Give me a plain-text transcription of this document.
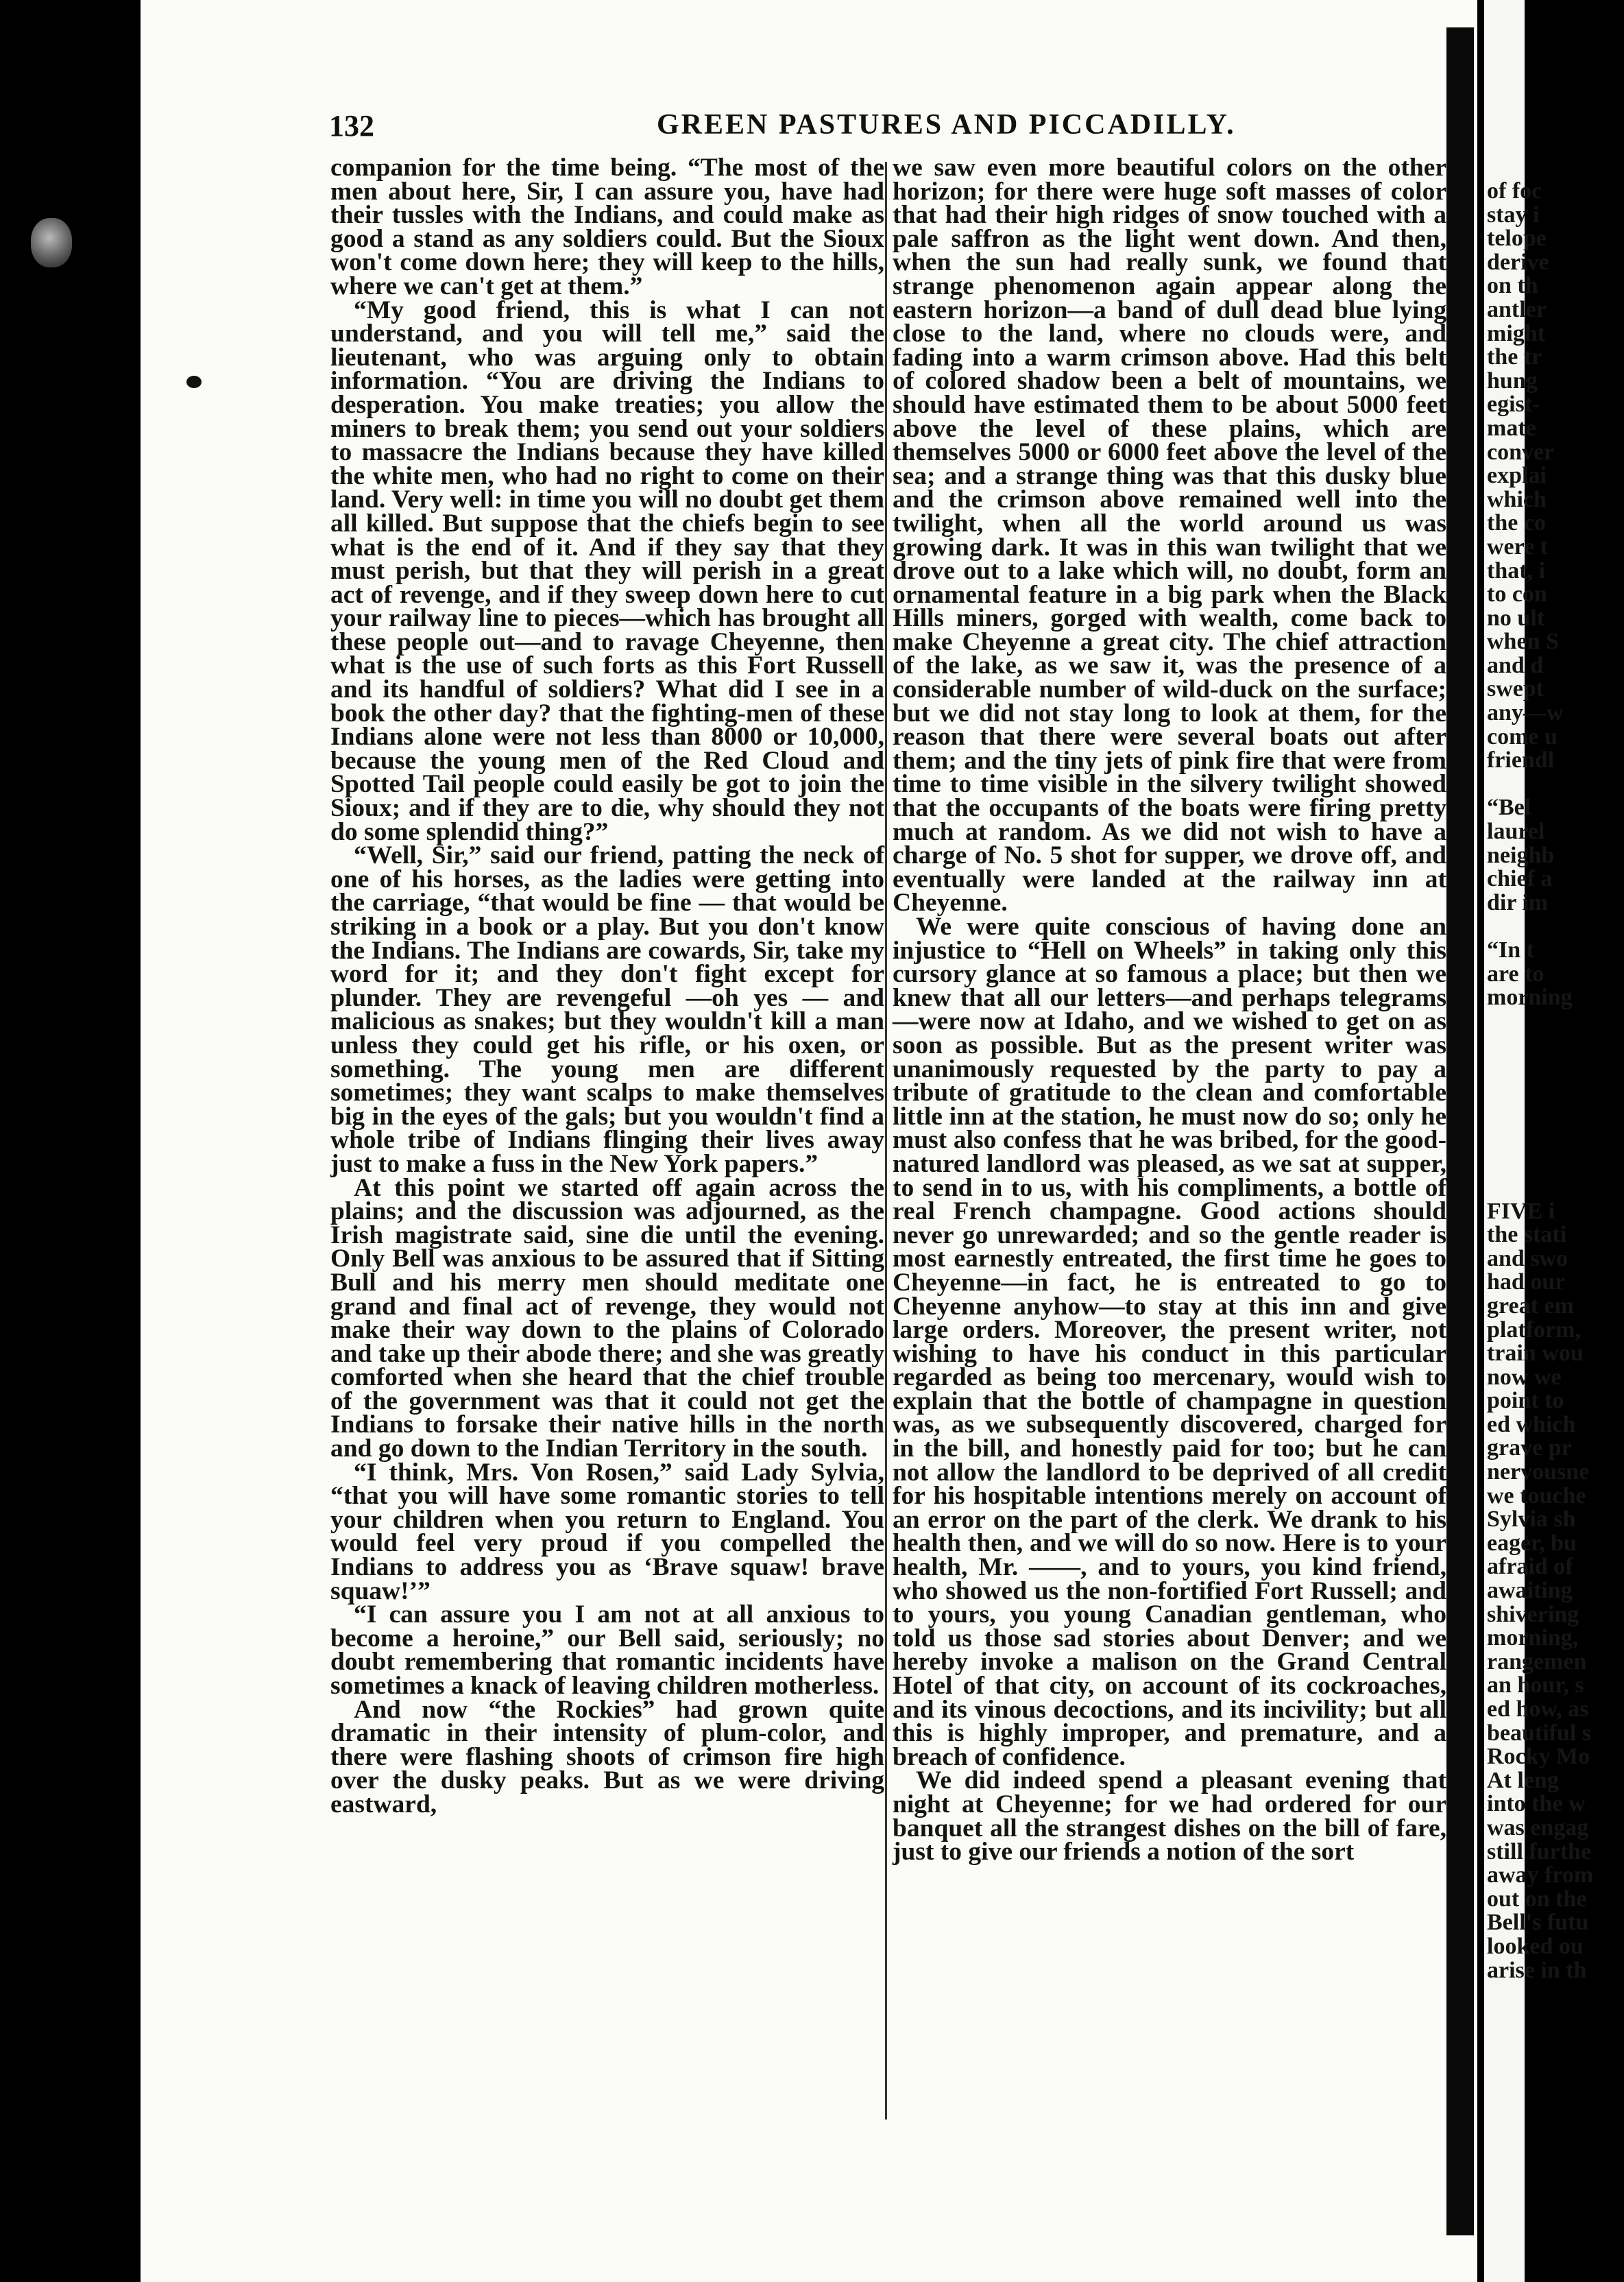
132	GREEN PASTURES AND PICCADILLY.

companion for the time being. “The most of the men about here, Sir, I can assure you, have had their tussles with the Indians, and could make as good a stand as any soldiers could. But the Sioux won't come down here; they will keep to the hills, where we can't get at them.”

“My good friend, this is what I can not understand, and you will tell me,” said the lieutenant, who was arguing only to obtain information. “You are driving the Indians to desperation. You make treaties; you allow the miners to break them; you send out your soldiers to massacre the Indians because they have killed the white men, who had no right to come on their land. Very well: in time you will no doubt get them all killed. But suppose that the chiefs begin to see what is the end of it. And if they say that they must perish, but that they will perish in a great act of revenge, and if they sweep down here to cut your railway line to pieces—which has brought all these people out—and to ravage Cheyenne, then what is the use of such forts as this Fort Russell and its handful of soldiers? What did I see in a book the other day? that the fighting-men of these Indians alone were not less than 8000 or 10,000, because the young men of the Red Cloud and Spotted Tail people could easily be got to join the Sioux; and if they are to die, why should they not do some splendid thing?”

“Well, Sir,” said our friend, patting the neck of one of his horses, as the ladies were getting into the carriage, “that would be fine — that would be striking in a book or a play. But you don't know the Indians. The Indians are cowards, Sir, take my word for it; and they don't fight except for plunder. They are revengeful —oh yes — and malicious as snakes; but they wouldn't kill a man unless they could get his rifle, or his oxen, or something. The young men are different sometimes; they want scalps to make themselves big in the eyes of the gals; but you wouldn't find a whole tribe of Indians flinging their lives away just to make a fuss in the New York papers.”

At this point we started off again across the plains; and the discussion was adjourned, as the Irish magistrate said, sine die until the evening. Only Bell was anxious to be assured that if Sitting Bull and his merry men should meditate one grand and final act of revenge, they would not make their way down to the plains of Colorado and take up their abode there; and she was greatly comforted when she heard that the chief trouble of the government was that it could not get the Indians to forsake their native hills in the north and go down to the Indian Territory in the south.

“I think, Mrs. Von Rosen,” said Lady Sylvia, “that you will have some romantic stories to tell your children when you return to England. You would feel very proud if you compelled the Indians to address you as ‘Brave squaw! brave squaw!’”

“I can assure you I am not at all anxious to become a heroine,” our Bell said, seriously; no doubt remembering that romantic incidents have sometimes a knack of leaving children motherless.

And now “the Rockies” had grown quite dramatic in their intensity of plum-color, and there were flashing shoots of crimson fire high over the dusky peaks. But as we were driving eastward,

we saw even more beautiful colors on the other horizon; for there were huge soft masses of color that had their high ridges of snow touched with a pale saffron as the light went down. And then, when the sun had really sunk, we found that strange phenomenon again appear along the eastern horizon—a band of dull dead blue lying close to the land, where no clouds were, and fading into a warm crimson above. Had this belt of colored shadow been a belt of mountains, we should have estimated them to be about 5000 feet above the level of these plains, which are themselves 5000 or 6000 feet above the level of the sea; and a strange thing was that this dusky blue and the crimson above remained well into the twilight, when all the world around us was growing dark. It was in this wan twilight that we drove out to a lake which will, no doubt, form an ornamental feature in a big park when the Black Hills miners, gorged with wealth, come back to make Cheyenne a great city. The chief attraction of the lake, as we saw it, was the presence of a considerable number of wild-duck on the surface; but we did not stay long to look at them, for the reason that there were several boats out after them; and the tiny jets of pink fire that were from time to time visible in the silvery twilight showed that the occupants of the boats were firing pretty much at random. As we did not wish to have a charge of No. 5 shot for supper, we drove off, and eventually were landed at the railway inn at Cheyenne.

We were quite conscious of having done an injustice to “Hell on Wheels” in taking only this cursory glance at so famous a place; but then we knew that all our letters—and perhaps telegrams—were now at Idaho, and we wished to get on as soon as possible. But as the present writer was unanimously requested by the party to pay a tribute of gratitude to the clean and comfortable little inn at the station, he must now do so; only he must also confess that he was bribed, for the good-natured landlord was pleased, as we sat at supper, to send in to us, with his compliments, a bottle of real French champagne. Good actions should never go unrewarded; and so the gentle reader is most earnestly entreated, the first time he goes to Cheyenne—in fact, he is entreated to go to Cheyenne anyhow—to stay at this inn and give large orders. Moreover, the present writer, not wishing to have his conduct in this particular regarded as being too mercenary, would wish to explain that the bottle of champagne in question was, as we subsequently discovered, charged for in the bill, and honestly paid for too; but he can not allow the landlord to be deprived of all credit for his hospitable intentions merely on account of an error on the part of the clerk. We drank to his health then, and we will do so now. Here is to your health, Mr. ——, and to yours, you kind friend, who showed us the non-fortified Fort Russell; and to yours, you young Canadian gentleman, who told us those sad stories about Denver; and we hereby invoke a malison on the Grand Central Hotel of that city, on account of its cockroaches, and its vinous decoctions, and its incivility; but all this is highly improper, and premature, and a breach of confidence.

We did indeed spend a pleasant evening that night at Cheyenne; for we had ordered for our banquet all the strangest dishes on the bill of fare, just to give our friends a notion of the sort

of foc
stay i
telope
derive
on th
antler
might
the tr
hung
egist-
mate
conver
explai
which
the co
were t
that, i
to con
no ult
when S
and d
swept
any—w
come u
friendl
“Bel
laurel
neighb
chief a
dir im
“In t
are to
morning
FIVE i
the stati
and swo
had our
great em
platform,
train wou
now we
point to
ed which
grave pr
nervousne
we touche
Sylvia sh
eager, bu
afraid of
awaiting
shivering
morning,
rangemen
an hour, s
ed how, as
beautiful s
Rocky Mo
At leng
into the w
was engag
still furthe
away from
out on the
Bell's futu
looked ou
arise in th
